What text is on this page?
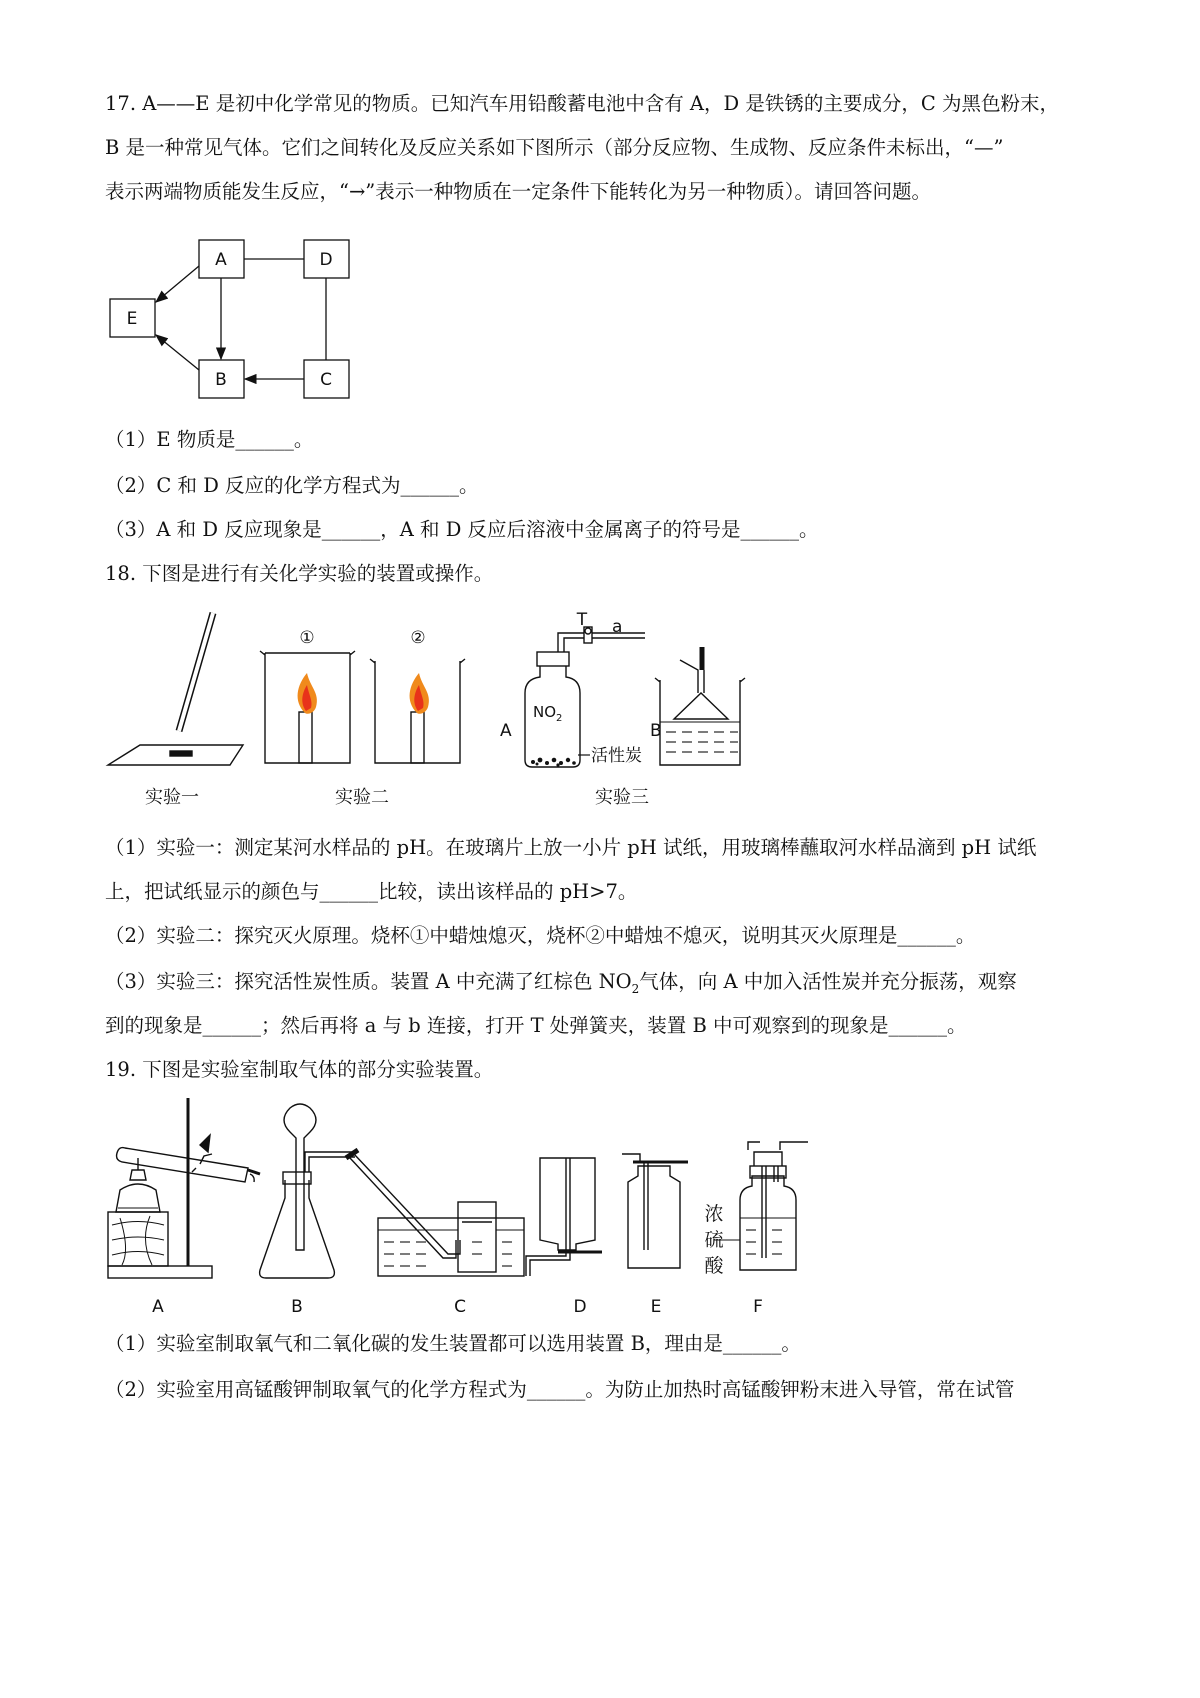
17. A——E 是初中化学常见的物质。已知汽车用铅酸蓄电池中含有 A，D 是铁锈的主要成分，C 为黑色粉末，
B 是一种常见气体。它们之间转化及反应关系如下图所示（部分反应物、生成物、反应条件未标出，“—”
表示两端物质能发生反应，“→”表示一种物质在一定条件下能转化为另一种物质）。请回答问题。
A	D
E
B	C
（1）E 物质是______。
（2）C 和 D 反应的化学方程式为______。
（3）A 和 D 反应现象是______，A 和 D 反应后溶液中金属离子的符号是______。
18. 下图是进行有关化学实验的装置或操作。
①	②
T a
A	B
$NO_2$
活性炭
实验一	实验二	实验三
（1）实验一：测定某河水样品的 pH。在玻璃片上放一小片 pH 试纸，用玻璃棒蘸取河水样品滴到 pH 试纸
上，把试纸显示的颜色与______比较，读出该样品的 pH>7。
（2）实验二：探究灭火原理。烧杯①中蜡烛熄灭，烧杯②中蜡烛不熄灭，说明其灭火原理是______。
（3）实验三：探究活性炭性质。装置 A 中充满了红棕色 $NO_2$气体，向 A 中加入活性炭并充分振荡，观察
到的现象是______；然后再将 a 与 b 连接，打开 T 处弹簧夹，装置 B 中可观察到的现象是______。
19. 下图是实验室制取气体的部分实验装置。
A	B	C	D	E	F
浓
硫
酸
（1）实验室制取氧气和二氧化碳的发生装置都可以选用装置 B，理由是______。
（2）实验室用高锰酸钾制取氧气的化学方程式为______。为防止加热时高锰酸钾粉末进入导管，常在试管
